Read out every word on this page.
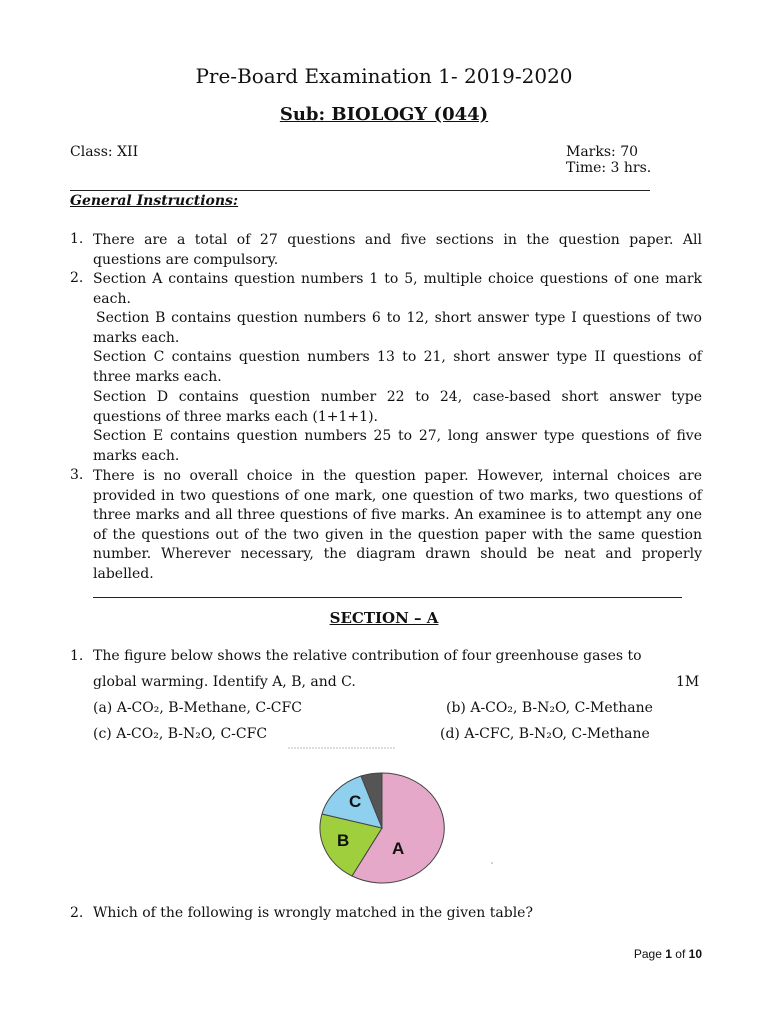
Pre-Board Examination 1- 2019-2020
Sub: BIOLOGY (044)
Class: XII	Marks: 70
Time: 3 hrs.
General Instructions:
1. There are a total of 27 questions and five sections in the question paper. All questions are compulsory.
2. Section A contains question numbers 1 to 5, multiple choice questions of one mark each.
Section B contains question numbers 6 to 12, short answer type I questions of two marks each.
Section C contains question numbers 13 to 21, short answer type II questions of three marks each.
Section D contains question number 22 to 24, case-based short answer type questions of three marks each (1+1+1).
Section E contains question numbers 25 to 27, long answer type questions of five marks each.
3. There is no overall choice in the question paper. However, internal choices are provided in two questions of one mark, one question of two marks, two questions of three marks and all three questions of five marks. An examinee is to attempt any one of the questions out of the two given in the question paper with the same question number. Wherever necessary, the diagram drawn should be neat and properly labelled.
SECTION – A
1. The figure below shows the relative contribution of four greenhouse gases to
global warming. Identify A, B, and C.	1M
(a) A-CO₂, B-Methane, C-CFC	(b) A-CO₂, B-N₂O, C-Methane
(c) A-CO₂, B-N₂O, C-CFC	(d) A-CFC, B-N₂O, C-Methane
A
B
C
2. Which of the following is wrongly matched in the given table?
Page 1 of 10
